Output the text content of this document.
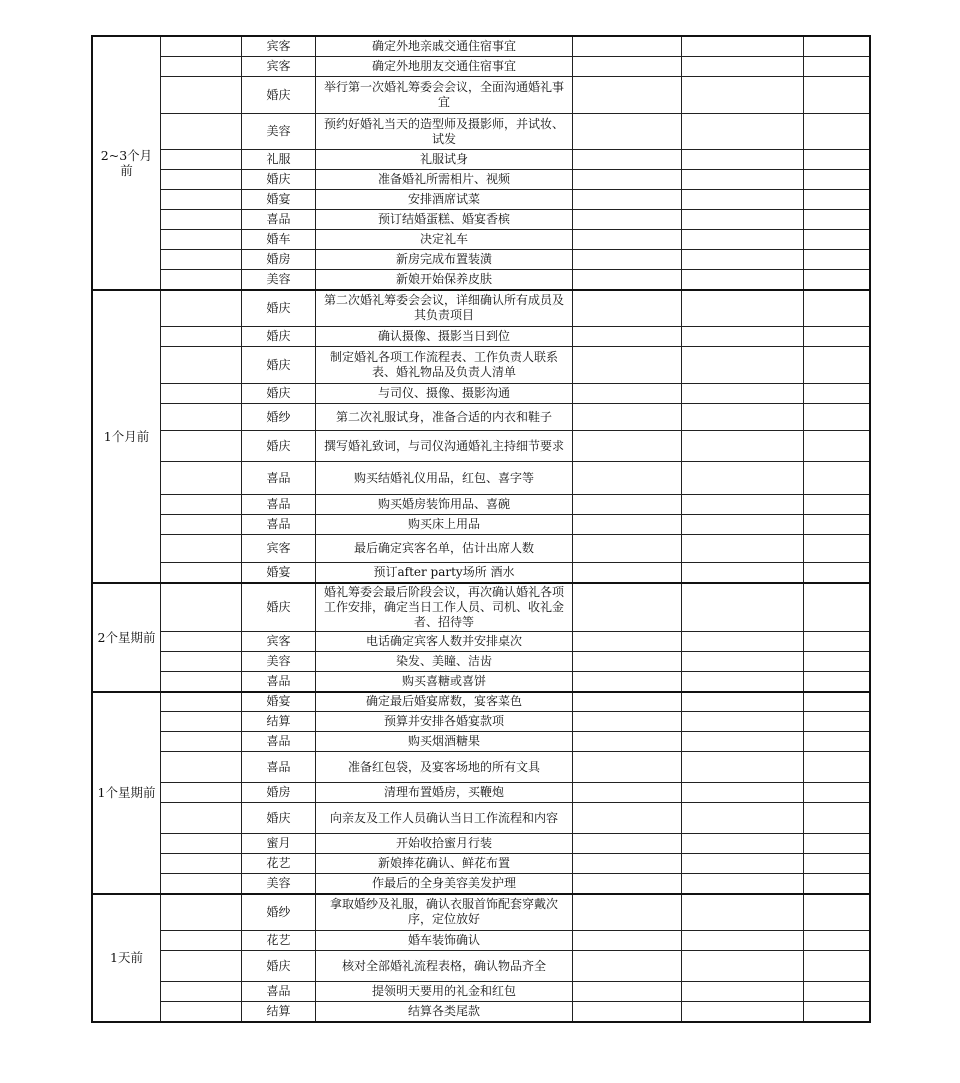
2~3个月前		宾客	确定外地亲戚交通住宿事宜			
		宾客	确定外地朋友交通住宿事宜			
		婚庆	举行第一次婚礼筹委会会议，全面沟通婚礼事宜			
		美容	预约好婚礼当天的造型师及摄影师，并试妆、试发			
		礼服	礼服试身			
		婚庆	准备婚礼所需相片、视频			
		婚宴	安排酒席试菜			
		喜品	预订结婚蛋糕、婚宴香槟			
		婚车	决定礼车			
		婚房	新房完成布置装潢			
		美容	新娘开始保养皮肤			
1个月前		婚庆	第二次婚礼筹委会会议，详细确认所有成员及其负责项目			
		婚庆	确认摄像、摄影当日到位			
		婚庆	制定婚礼各项工作流程表、工作负责人联系表、婚礼物品及负责人清单			
		婚庆	与司仪、摄像、摄影沟通			
		婚纱	第二次礼服试身，准备合适的内衣和鞋子			
		婚庆	撰写婚礼致词，与司仪沟通婚礼主持细节要求			
		喜品	购买结婚礼仪用品，红包、喜字等			
		喜品	购买婚房装饰用品、喜碗			
		喜品	购买床上用品			
		宾客	最后确定宾客名单，估计出席人数			
		婚宴	预订after party场所 酒水			
2个星期前		婚庆	婚礼筹委会最后阶段会议，再次确认婚礼各项工作安排，确定当日工作人员、司机、收礼金者、招待等			
		宾客	电话确定宾客人数并安排桌次			
		美容	染发、美瞳、洁齿			
		喜品	购买喜糖或喜饼			
1个星期前		婚宴	确定最后婚宴席数，宴客菜色			
		结算	预算并安排各婚宴款项			
		喜品	购买烟酒糖果			
		喜品	准备红包袋，及宴客场地的所有文具			
		婚房	清理布置婚房，买鞭炮			
		婚庆	向亲友及工作人员确认当日工作流程和内容			
		蜜月	开始收拾蜜月行装			
		花艺	新娘捧花确认、鲜花布置			
		美容	作最后的全身美容美发护理			
1天前		婚纱	拿取婚纱及礼服，确认衣服首饰配套穿戴次序，定位放好			
		花艺	婚车装饰确认			
		婚庆	核对全部婚礼流程表格，确认物品齐全			
		喜品	提领明天要用的礼金和红包			
		结算	结算各类尾款			
